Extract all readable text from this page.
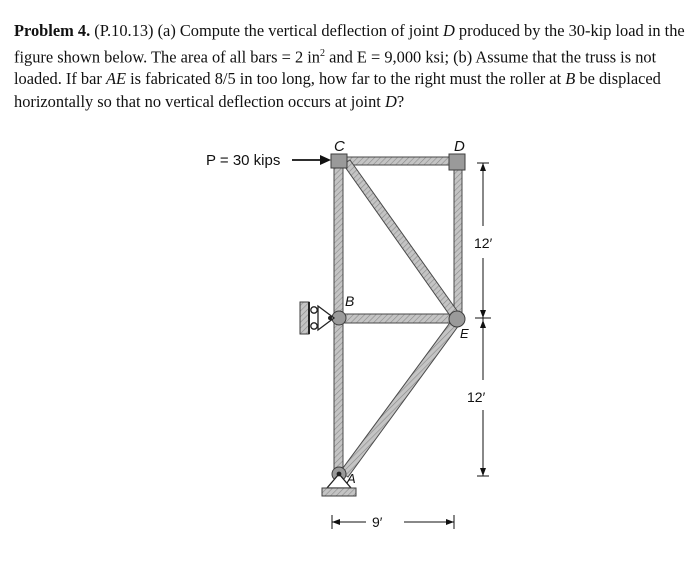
Problem 4. (P.10.13) (a) Compute the vertical deflection of joint D produced by the 30-kip load in the figure shown below. The area of all bars = 2 $in^2$ and E = 9,000 ksi; (b) Assume that the truss is not loaded. If bar AE is fabricated 8/5 in too long, how far to the right must the roller at B be displaced horizontally so that no vertical deflection occurs at joint D?

P = 30 kips
C	D
B
E
A
12′
12′
9′
